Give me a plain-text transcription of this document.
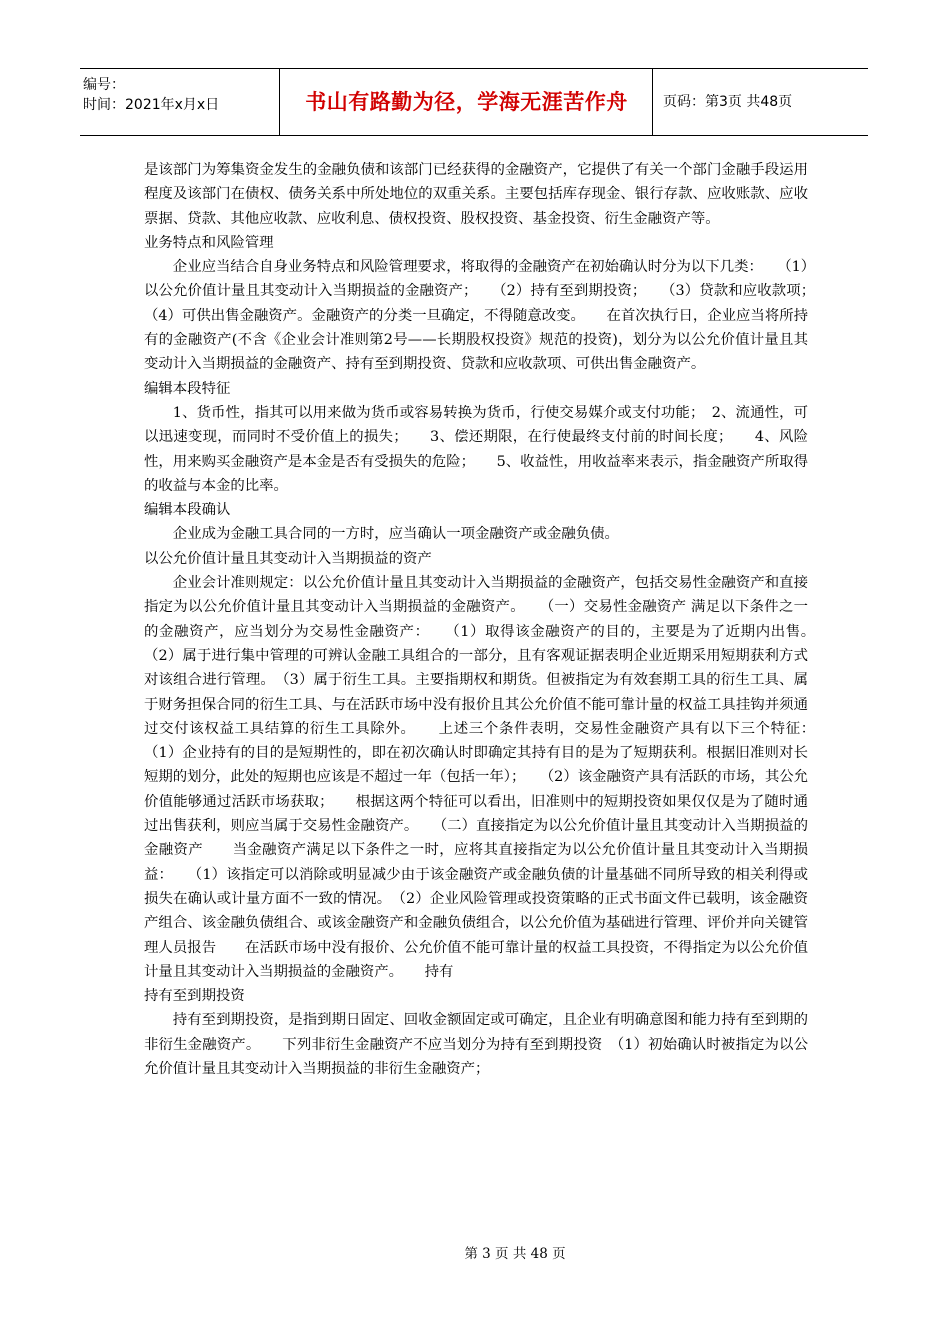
编号：
时间：2021年x月x日	书山有路勤为径，学海无涯苦作舟	页码：第3页 共48页

是该部门为筹集资金发生的金融负债和该部门已经获得的金融资产，它提供了有关一个部门金融手段运用程度及该部门在债权、债务关系中所处地位的双重关系。主要包括库存现金、银行存款、应收账款、应收票据、贷款、其他应收款、应收利息、债权投资、股权投资、基金投资、衍生金融资产等。

业务特点和风险管理

企业应当结合自身业务特点和风险管理要求，将取得的金融资产在初始确认时分为以下几类：　　（1）以公允价值计量且其变动计入当期损益的金融资产；　　（2）持有至到期投资；　　（3）贷款和应收款项；　　（4）可供出售金融资产。金融资产的分类一旦确定，不得随意改变。　　在首次执行日，企业应当将所持有的金融资产(不含《企业会计准则第2号——长期股权投资》规范的投资)，划分为以公允价值计量且其变动计入当期损益的金融资产、持有至到期投资、贷款和应收款项、可供出售金融资产。

编辑本段特征

1、货币性，指其可以用来做为货币或容易转换为货币，行使交易媒介或支付功能；　2、流通性，可以迅速变现，而同时不受价值上的损失；　　3、偿还期限，在行使最终支付前的时间长度；　　4、风险性，用来购买金融资产是本金是否有受损失的危险；　　5、收益性，用收益率来表示，指金融资产所取得的收益与本金的比率。

编辑本段确认

企业成为金融工具合同的一方时，应当确认一项金融资产或金融负债。

以公允价值计量且其变动计入当期损益的资产

企业会计准则规定：以公允价值计量且其变动计入当期损益的金融资产，包括交易性金融资产和直接指定为以公允价值计量且其变动计入当期损益的金融资产。　　（一）交易性金融资产 满足以下条件之一的金融资产，应当划分为交易性金融资产：　　（1）取得该金融资产的目的，主要是为了近期内出售。　　（2）属于进行集中管理的可辨认金融工具组合的一部分，且有客观证据表明企业近期采用短期获利方式对该组合进行管理。　（3）属于衍生工具。主要指期权和期货。但被指定为有效套期工具的衍生工具、属于财务担保合同的衍生工具、与在活跃市场中没有报价且其公允价值不能可靠计量的权益工具挂钩并须通过交付该权益工具结算的衍生工具除外。　　上述三个条件表明，交易性金融资产具有以下三个特征：　　（1）企业持有的目的是短期性的，即在初次确认时即确定其持有目的是为了短期获利。根据旧准则对长短期的划分，此处的短期也应该是不超过一年（包括一年）；　　（2）该金融资产具有活跃的市场，其公允价值能够通过活跃市场获取；　　根据这两个特征可以看出，旧准则中的短期投资如果仅仅是为了随时通过出售获利，则应当属于交易性金融资产。　　（二）直接指定为以公允价值计量且其变动计入当期损益的金融资产　　当金融资产满足以下条件之一时，应将其直接指定为以公允价值计量且其变动计入当期损益：　　（1）该指定可以消除或明显减少由于该金融资产或金融负债的计量基础不同所导致的相关利得或损失在确认或计量方面不一致的情况。　（2）企业风险管理或投资策略的正式书面文件已载明，该金融资产组合、该金融负债组合、或该金融资产和金融负债组合，以公允价值为基础进行管理、评价并向关键管理人员报告　　在活跃市场中没有报价、公允价值不能可靠计量的权益工具投资，不得指定为以公允价值计量且其变动计入当期损益的金融资产。　　持有

持有至到期投资

持有至到期投资，是指到期日固定、回收金额固定或可确定，且企业有明确意图和能力持有至到期的非衍生金融资产。　　下列非衍生金融资产不应当划分为持有至到期投资　（1）初始确认时被指定为以公允价值计量且其变动计入当期损益的非衍生金融资产；

第 3 页 共 48 页
